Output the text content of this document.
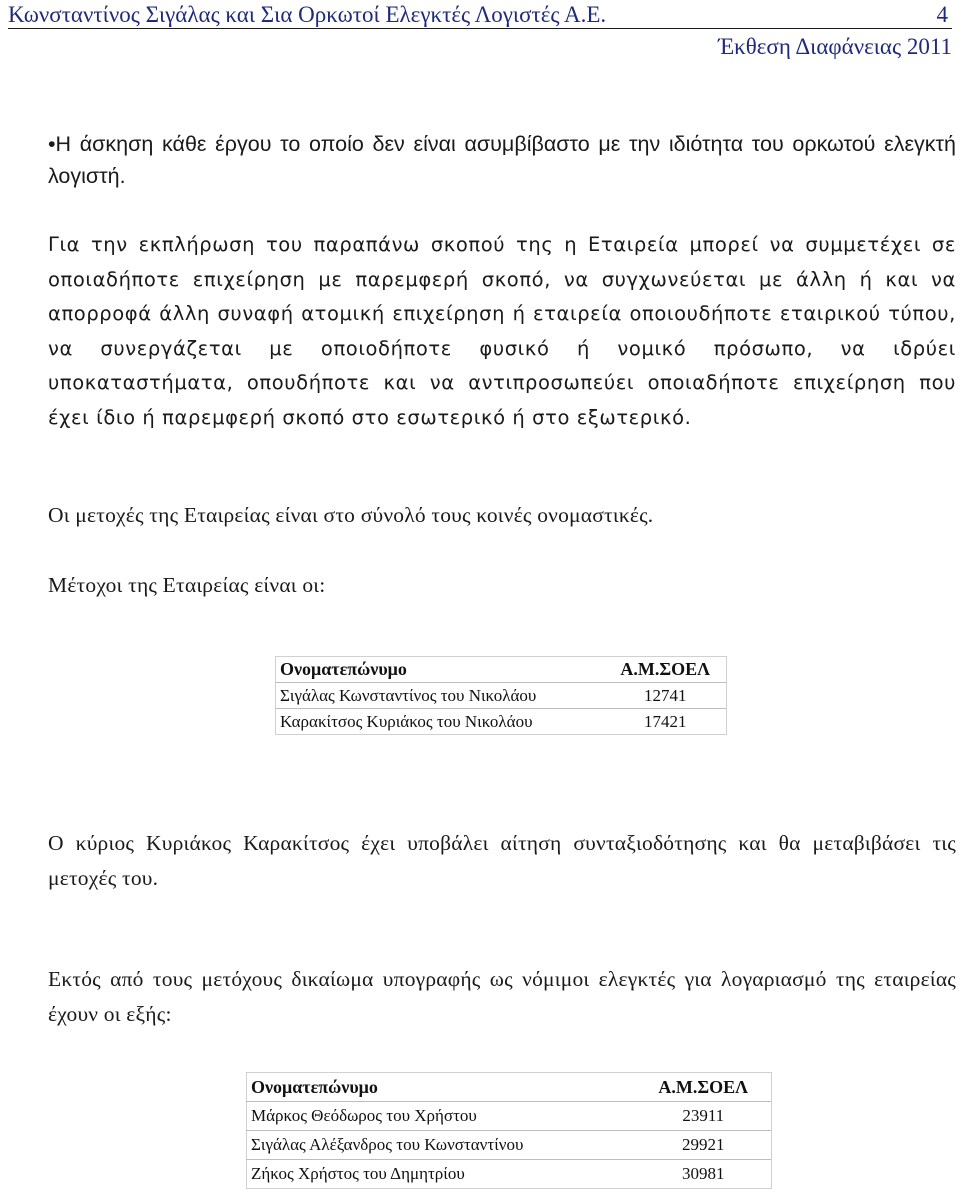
Κωνσταντίνος Σιγάλας και Σια Ορκωτοί Ελεγκτές Λογιστές Α.Ε.	4
Έκθεση Διαφάνειας 2011
•Η άσκηση κάθε έργου το οποίο δεν είναι ασυμβίβαστο με την ιδιότητα του ορκωτού ελεγκτή λογιστή.
Για την εκπλήρωση του παραπάνω σκοπού της η Εταιρεία μπορεί να συμμετέχει σε οποιαδήποτε επιχείρηση με παρεμφερή σκοπό, να συγχωνεύεται με άλλη ή και να απορροφά άλλη συναφή ατομική επιχείρηση ή εταιρεία οποιουδήποτε εταιρικού τύπου, να συνεργάζεται με οποιοδήποτε φυσικό ή νομικό πρόσωπο, να ιδρύει υποκαταστήματα, οπουδήποτε και να αντιπροσωπεύει οποιαδήποτε επιχείρηση που έχει ίδιο ή παρεμφερή σκοπό στο εσωτερικό ή στο εξωτερικό.
Οι μετοχές της Εταιρείας είναι στο σύνολό τους κοινές ονομαστικές.
Μέτοχοι της Εταιρείας είναι οι:
Ονοματεπώνυμο	Α.Μ.ΣΟΕΛ
Σιγάλας Κωνσταντίνος του Νικολάου	12741
Καρακίτσος Κυριάκος του Νικολάου	17421
Ο κύριος Κυριάκος Καρακίτσος έχει υποβάλει αίτηση συνταξιοδότησης και θα μεταβιβάσει τις μετοχές του.
Εκτός από τους μετόχους δικαίωμα υπογραφής ως νόμιμοι ελεγκτές για λογαριασμό της εταιρείας έχουν οι εξής:
Ονοματεπώνυμο	Α.Μ.ΣΟΕΛ
Μάρκος Θεόδωρος του Χρήστου	23911
Σιγάλας Αλέξανδρος του Κωνσταντίνου	29921
Ζήκος Χρήστος του Δημητρίου	30981
